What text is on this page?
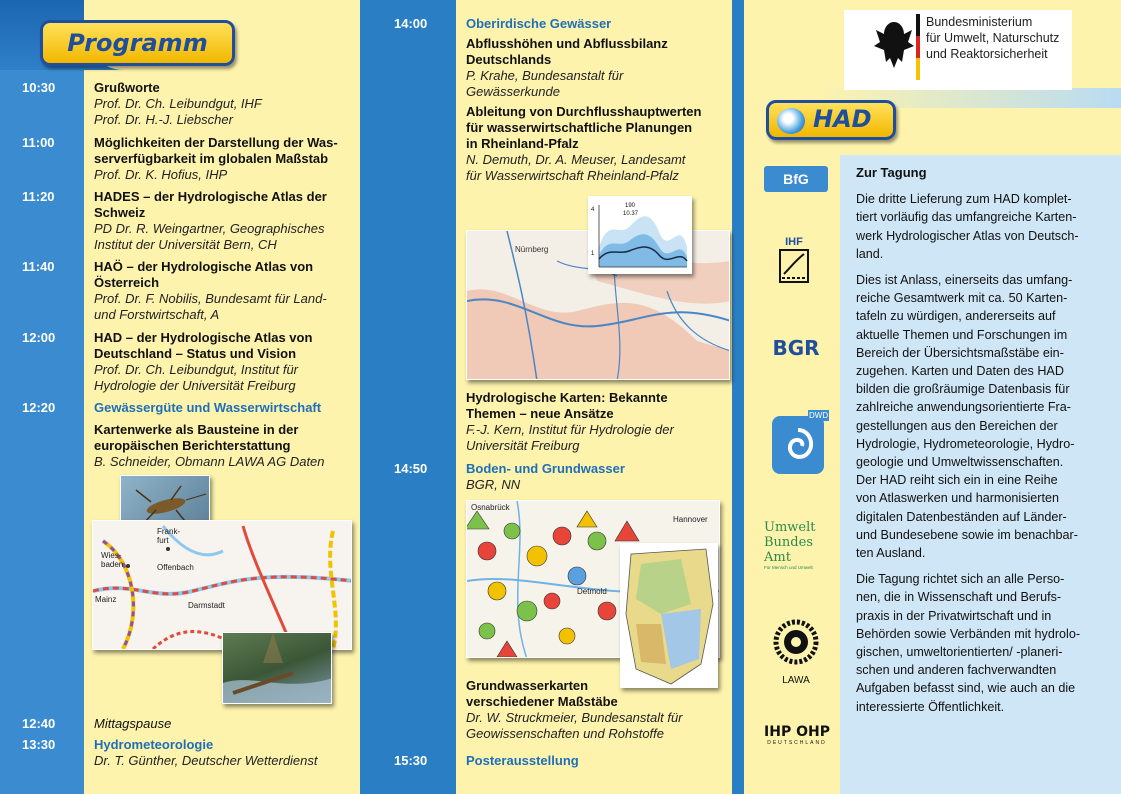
Programm
10:30	Grußworte
Prof. Dr. Ch. Leibundgut, IHF
Prof. Dr. H.-J. Liebscher
11:00	Möglichkeiten der Darstellung der Was-
serverfügbarkeit im globalen Maßstab
Prof. Dr. K. Hofius, IHP
11:20	HADES – der Hydrologische Atlas der
Schweiz
PD Dr. R. Weingartner, Geographisches
Institut der Universität Bern, CH
11:40	HAÖ – der Hydrologische Atlas von
Österreich
Prof. Dr. F. Nobilis, Bundesamt für Land-
und Forstwirtschaft, A
12:00	HAD – der Hydrologische Atlas von
Deutschland – Status und Vision
Prof. Dr. Ch. Leibundgut, Institut für
Hydrologie der Universität Freiburg
12:20	Gewässergüte und Wasserwirtschaft
Kartenwerke als Bausteine in der
europäischen Berichterstattung
B. Schneider, Obmann LAWA AG Daten
Frank-
furt
Wies-
baden	Offenbach
Mainz
Darmstadt
12:40	Mittagspause
13:30	Hydrometeorologie
Dr. T. Günther, Deutscher Wetterdienst
14:00	Oberirdische Gewässer
Abflusshöhen und Abflussbilanz
Deutschlands
P. Krahe, Bundesanstalt für
Gewässerkunde
Ableitung von Durchflusshauptwerten
für wasserwirtschaftliche Planungen
in Rheinland-Pfalz
N. Demuth, Dr. A. Meuser, Landesamt
für Wasserwirtschaft Rheinland-Pfalz
Nürnberg
4
1
190
10.37
Hydrologische Karten: Bekannte
Themen – neue Ansätze
F.-J. Kern, Institut für Hydrologie der
Universität Freiburg
14:50	Boden- und Grundwasser
BGR, NN
Osnabrück
Hannover
Detmold
Grundwasserkarten
verschiedener Maßstäbe
Dr. W. Struckmeier, Bundesanstalt für
Geowissenschaften und Rohstoffe
15:30	Posterausstellung
Bundesministerium
für Umwelt, Naturschutz
und Reaktorsicherheit
HAD
BfG
IHF
BGR
DWD
Umwelt
Bundes
Amt
Für Mensch und Umwelt
LAWA
IHP OHP
DEUTSCHLAND
Zur Tagung

Die dritte Lieferung zum HAD komplet-
tiert vorläufig das umfangreiche Karten-
werk Hydrologischer Atlas von Deutsch-
land.

Dies ist Anlass, einerseits das umfang-
reiche Gesamtwerk mit ca. 50 Karten-
tafeln zu würdigen, andererseits auf
aktuelle Themen und Forschungen im
Bereich der Übersichtsmaßstäbe ein-
zugehen. Karten und Daten des HAD
bilden die großräumige Datenbasis für
zahlreiche anwendungsorientierte Fra-
gestellungen aus den Bereichen der
Hydrologie, Hydrometeorologie, Hydro-
geologie und Umweltwissenschaften.
Der HAD reiht sich ein in eine Reihe
von Atlaswerken und harmonisierten
digitalen Datenbeständen auf Länder-
und Bundesebene sowie im benachbar-
ten Ausland.

Die Tagung richtet sich an alle Perso-
nen, die in Wissenschaft und Berufs-
praxis in der Privatwirtschaft und in
Behörden sowie Verbänden mit hydrolo-
gischen, umweltorientierten/ -planeri-
schen und anderen fachverwandten
Aufgaben befasst sind, wie auch an die
interessierte Öffentlichkeit.
